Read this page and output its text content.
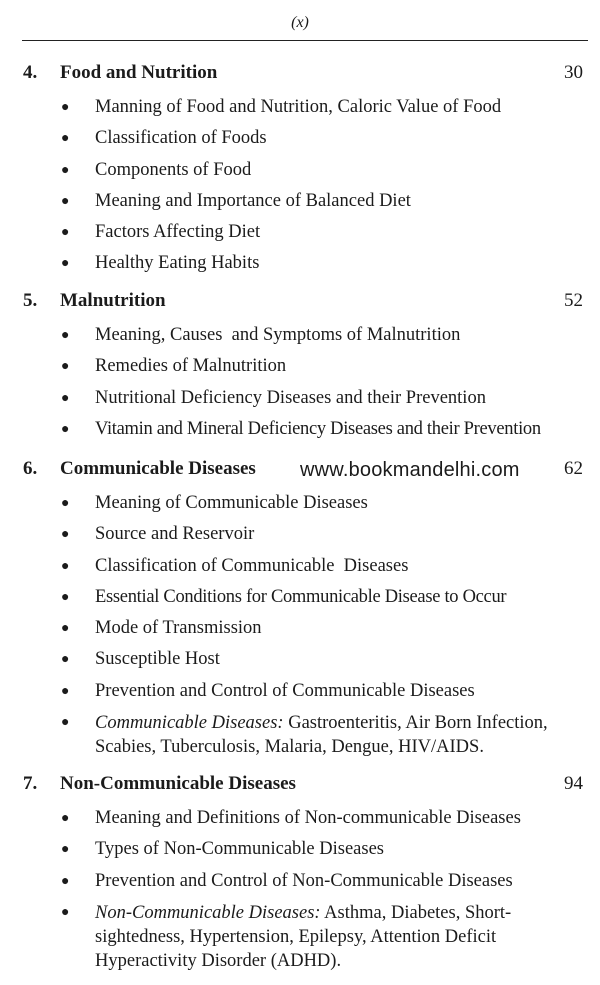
(x)
4. Food and Nutrition	30
● Manning of Food and Nutrition, Caloric Value of Food
● Classification of Foods
● Components of Food
● Meaning and Importance of Balanced Diet
● Factors Affecting Diet
● Healthy Eating Habits
5. Malnutrition	52
● Meaning, Causes  and Symptoms of Malnutrition
● Remedies of Malnutrition
● Nutritional Deficiency Diseases and their Prevention
● Vitamin and Mineral Deficiency Diseases and their Prevention
6. Communicable Diseases www.bookmandelhi.com 62
● Meaning of Communicable Diseases
● Source and Reservoir
● Classification of Communicable  Diseases
● Essential Conditions for Communicable Disease to Occur
● Mode of Transmission
● Susceptible Host
● Prevention and Control of Communicable Diseases
● Communicable Diseases: Gastroenteritis, Air Born Infection,
Scabies, Tuberculosis, Malaria, Dengue, HIV/AIDS.
7. Non-Communicable Diseases	94
● Meaning and Definitions of Non-communicable Diseases
● Types of Non-Communicable Diseases
● Prevention and Control of Non-Communicable Diseases
● Non-Communicable Diseases: Asthma, Diabetes, Short-
sightedness, Hypertension, Epilepsy, Attention Deficit
Hyperactivity Disorder (ADHD).
